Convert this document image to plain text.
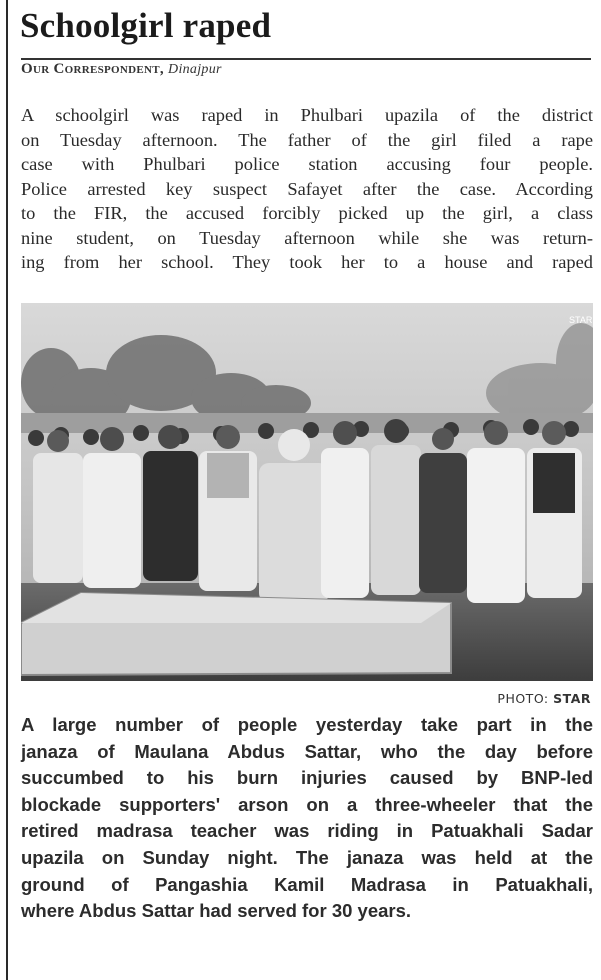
Schoolgirl raped
Our Correspondent, Dinajpur

A schoolgirl was raped in Phulbari upazila of the district
on Tuesday afternoon. The father of the girl filed a rape
case with Phulbari police station accusing four people.
Police arrested key suspect Safayet after the case. According
to the FIR, the accused forcibly picked up the girl, a class
nine student, on Tuesday afternoon while she was return-
ing from her school. They took her to a house and raped

STAR
PHOTO: STAR

A large number of people yesterday take part in the
janaza of Maulana Abdus Sattar, who the day before
succumbed to his burn injuries caused by BNP-led
blockade supporters' arson on a three-wheeler that the
retired madrasa teacher was riding in Patuakhali Sadar
upazila on Sunday night. The janaza was held at the
ground of Pangashia Kamil Madrasa in Patuakhali,
where Abdus Sattar had served for 30 years.
